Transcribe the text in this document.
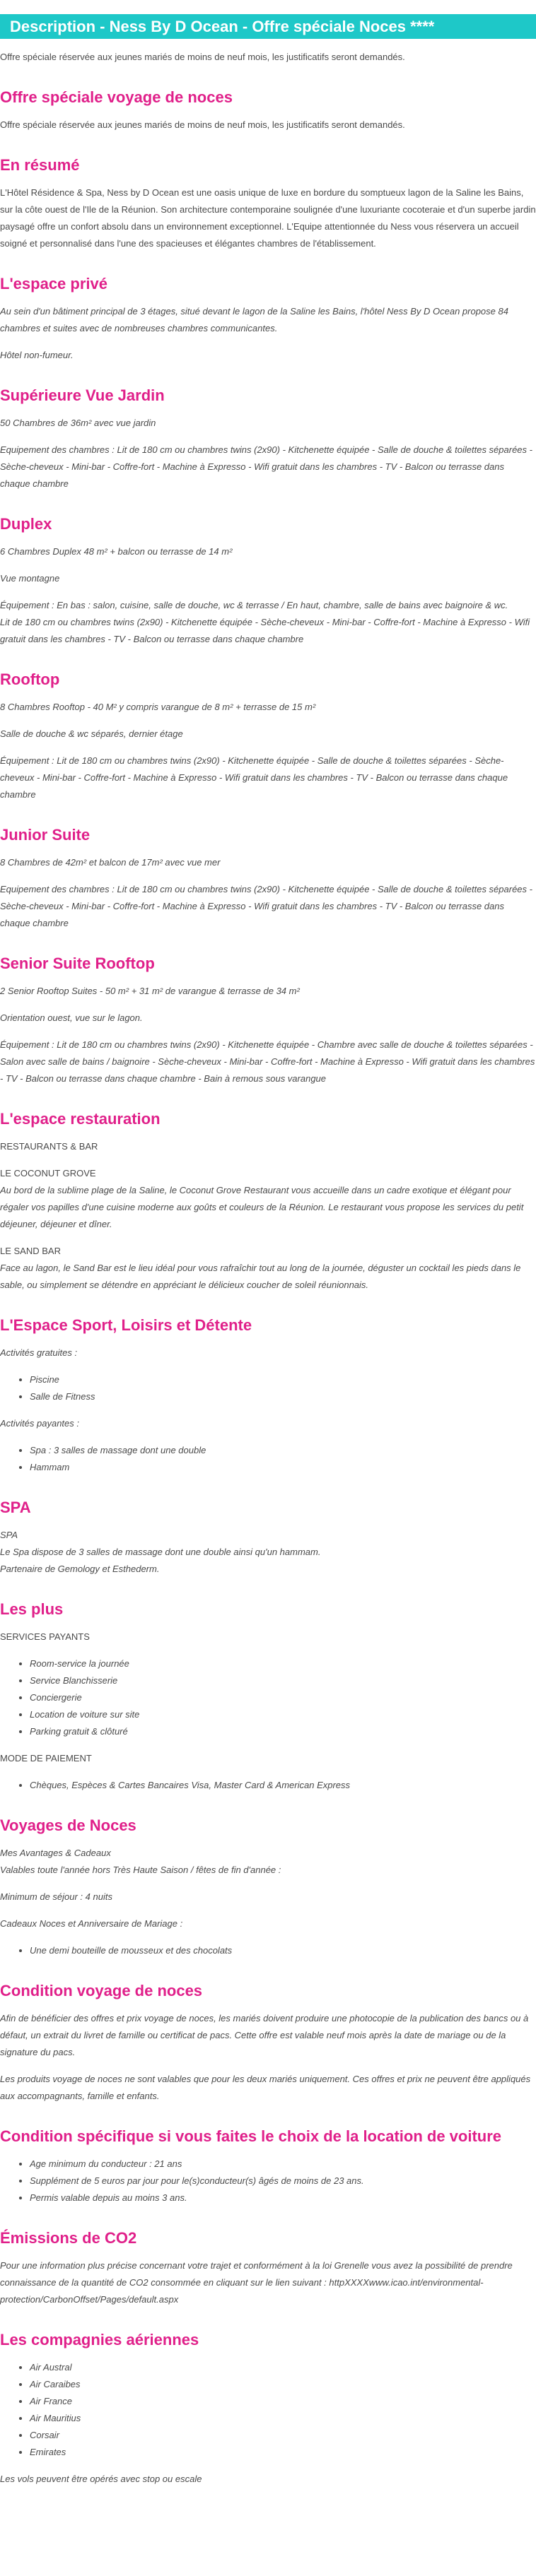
Description - Ness By D Ocean - Offre spéciale Noces ****

Offre spéciale réservée aux jeunes mariés de moins de neuf mois, les justificatifs seront demandés.

Offre spéciale voyage de noces

Offre spéciale réservée aux jeunes mariés de moins de neuf mois, les justificatifs seront demandés.

En résumé

L'Hôtel Résidence & Spa, Ness by D Ocean est une oasis unique de luxe en bordure du somptueux lagon de la Saline les Bains, sur la côte ouest de l'Ile de la Réunion. Son architecture contemporaine soulignée d'une luxuriante cocoteraie et d'un superbe jardin paysagé offre un confort absolu dans un environnement exceptionnel. L'Equipe attentionnée du Ness vous réservera un accueil soigné et personnalisé dans l'une des spacieuses et élégantes chambres de l'établissement.

L'espace privé

Au sein d'un bâtiment principal de 3 étages, situé devant le lagon de la Saline les Bains, l'hôtel Ness By D Ocean propose 84 chambres et suites avec de nombreuses chambres communicantes.

Hôtel non-fumeur.

Supérieure Vue Jardin

50 Chambres de 36m² avec vue jardin

Equipement des chambres : Lit de 180 cm ou chambres twins (2x90) - Kitchenette équipée - Salle de douche & toilettes séparées - Sèche-cheveux - Mini-bar - Coffre-fort - Machine à Expresso - Wifi gratuit dans les chambres - TV - Balcon ou terrasse dans chaque chambre

Duplex

6 Chambres Duplex 48 m² + balcon ou terrasse de 14 m²

Vue montagne

Équipement : En bas : salon, cuisine, salle de douche, wc & terrasse / En haut, chambre, salle de bains avec baignoire & wc.

Lit de 180 cm ou chambres twins (2x90) - Kitchenette équipée - Sèche-cheveux - Mini-bar - Coffre-fort - Machine à Expresso - Wifi gratuit dans les chambres - TV - Balcon ou terrasse dans chaque chambre

Rooftop

8 Chambres Rooftop - 40 M² y compris varangue de 8 m² + terrasse de 15 m²

Salle de douche & wc séparés, dernier étage

Équipement : Lit de 180 cm ou chambres twins (2x90) - Kitchenette équipée - Salle de douche & toilettes séparées - Sèche-cheveux - Mini-bar - Coffre-fort - Machine à Expresso - Wifi gratuit dans les chambres - TV - Balcon ou terrasse dans chaque chambre

Junior Suite

8 Chambres de 42m² et balcon de 17m² avec vue mer

Equipement des chambres : Lit de 180 cm ou chambres twins (2x90) - Kitchenette équipée - Salle de douche & toilettes séparées - Sèche-cheveux - Mini-bar - Coffre-fort - Machine à Expresso - Wifi gratuit dans les chambres - TV - Balcon ou terrasse dans chaque chambre

Senior Suite Rooftop

2 Senior Rooftop Suites - 50 m² + 31 m² de varangue & terrasse de 34 m²

Orientation ouest, vue sur le lagon.

Équipement : Lit de 180 cm ou chambres twins (2x90) - Kitchenette équipée - Chambre avec salle de douche & toilettes séparées - Salon avec salle de bains / baignoire - Sèche-cheveux - Mini-bar - Coffre-fort - Machine à Expresso - Wifi gratuit dans les chambres - TV - Balcon ou terrasse dans chaque chambre - Bain à remous sous varangue

L'espace restauration

RESTAURANTS & BAR

LE COCONUT GROVE

Au bord de la sublime plage de la Saline, le Coconut Grove Restaurant vous accueille dans un cadre exotique et élégant pour régaler vos papilles d'une cuisine moderne aux goûts et couleurs de la Réunion. Le restaurant vous propose les services du petit déjeuner, déjeuner et dîner.

LE SAND BAR

Face au lagon, le Sand Bar est le lieu idéal pour vous rafraîchir tout au long de la journée, déguster un cocktail les pieds dans le sable, ou simplement se détendre en appréciant le délicieux coucher de soleil réunionnais.

L'Espace Sport, Loisirs et Détente

Activités gratuites :

• Piscine
• Salle de Fitness

Activités payantes :

• Spa : 3 salles de massage dont une double
• Hammam
SPA

SPA

Le Spa dispose de 3 salles de massage dont une double ainsi qu'un hammam.

Partenaire de Gemology et Esthederm.

Les plus

SERVICES PAYANTS

• Room-service la journée
• Service Blanchisserie
• Conciergerie
• Location de voiture sur site
• Parking gratuit & clôturé

MODE DE PAIEMENT

• Chèques, Espèces & Cartes Bancaires Visa, Master Card & American Express
Voyages de Noces

Mes Avantages & Cadeaux

Valables toute l'année hors Très Haute Saison / fêtes de fin d'année :

Minimum de séjour : 4 nuits

Cadeaux Noces et Anniversaire de Mariage :

• Une demi bouteille de mousseux et des chocolats
Condition voyage de noces

Afin de bénéficier des offres et prix voyage de noces, les mariés doivent produire une photocopie de la publication des bancs ou à défaut, un extrait du livret de famille ou certificat de pacs. Cette offre est valable neuf mois après la date de mariage ou de la signature du pacs.

Les produits voyage de noces ne sont valables que pour les deux mariés uniquement. Ces offres et prix ne peuvent être appliqués aux accompagnants, famille et enfants.

Condition spécifique si vous faites le choix de la location de voiture
• Age minimum du conducteur : 21 ans
• Supplément de 5 euros par jour pour le(s)conducteur(s) âgés de moins de 23 ans.
• Permis valable depuis au moins 3 ans.
Émissions de CO2

Pour une information plus précise concernant votre trajet et conformément à la loi Grenelle vous avez la possibilité de prendre connaissance de la quantité de CO2 consommée en cliquant sur le lien suivant : httpXXXXwww.icao.int/environmental-protection/CarbonOffset/Pages/default.aspx

Les compagnies aériennes
• Air Austral
• Air Caraibes
• Air France
• Air Mauritius
• Corsair
• Emirates

Les vols peuvent être opérés avec stop ou escale
